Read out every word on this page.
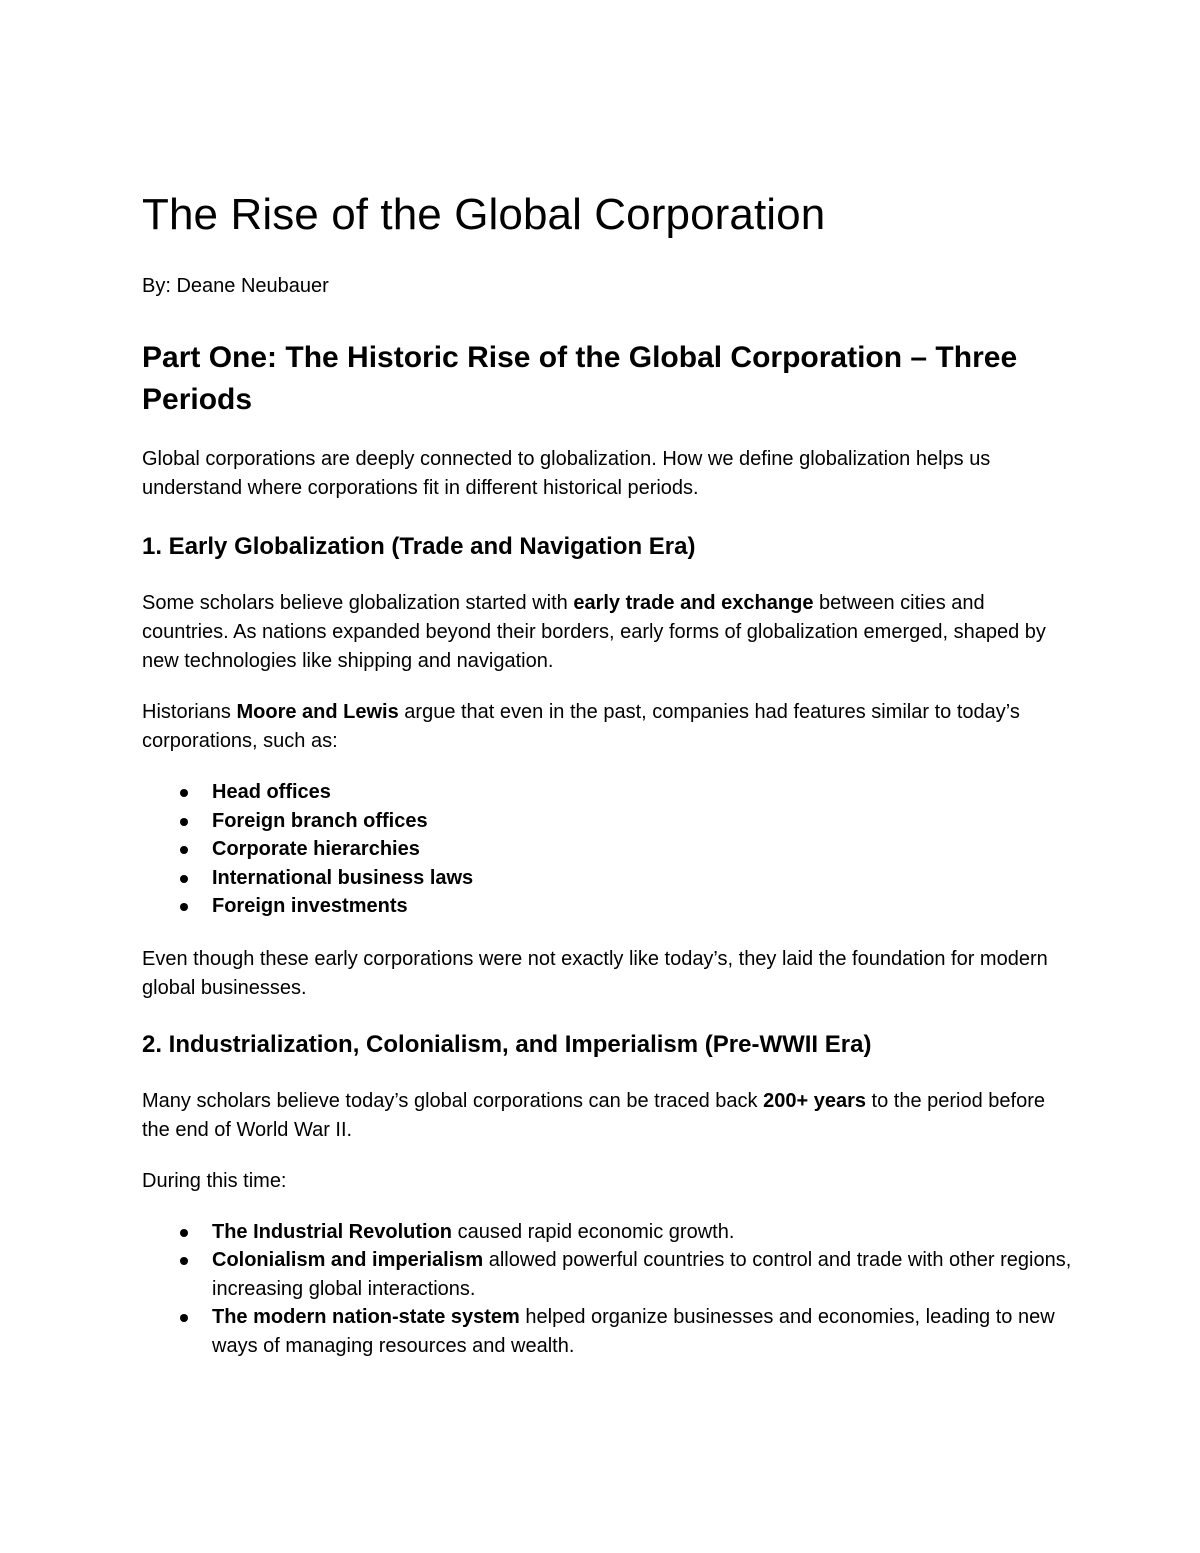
The Rise of the Global Corporation

By: Deane Neubauer

Part One: The Historic Rise of the Global Corporation – Three Periods

Global corporations are deeply connected to globalization. How we define globalization helps us understand where corporations fit in different historical periods.

1. Early Globalization (Trade and Navigation Era)

Some scholars believe globalization started with early trade and exchange between cities and countries. As nations expanded beyond their borders, early forms of globalization emerged, shaped by new technologies like shipping and navigation.

Historians Moore and Lewis argue that even in the past, companies had features similar to today’s corporations, such as:

Head offices
Foreign branch offices
Corporate hierarchies
International business laws
Foreign investments

Even though these early corporations were not exactly like today’s, they laid the foundation for modern global businesses.

2. Industrialization, Colonialism, and Imperialism (Pre-WWII Era)

Many scholars believe today’s global corporations can be traced back 200+ years to the period before the end of World War II.

During this time:

The Industrial Revolution caused rapid economic growth.
Colonialism and imperialism allowed powerful countries to control and trade with other regions, increasing global interactions.
The modern nation-state system helped organize businesses and economies, leading to new ways of managing resources and wealth.
